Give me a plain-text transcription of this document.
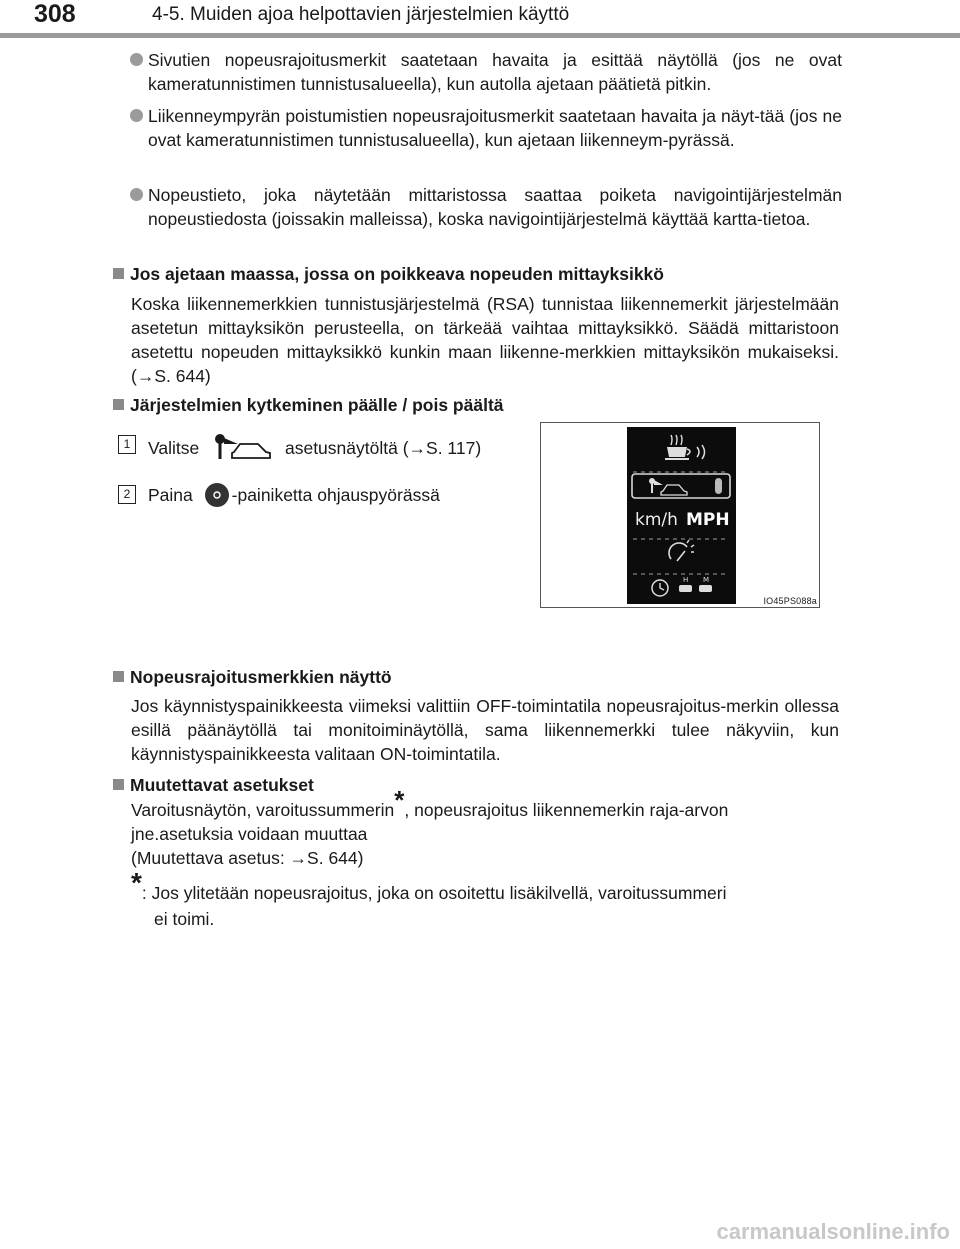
308	4-5. Muiden ajoa helpottavien järjestelmien käyttö
Sivutien nopeusrajoitusmerkit saatetaan havaita ja esittää näytöllä (jos ne ovat kameratunnistimen tunnistusalueella), kun autolla ajetaan päätietä pitkin.
Liikenneympyrän poistumistien nopeusrajoitusmerkit saatetaan havaita ja näyt-tää (jos ne ovat kameratunnistimen tunnistusalueella), kun ajetaan liikenneym-pyrässä.
Nopeustieto, joka näytetään mittaristossa saattaa poiketa navigointijärjestelmän nopeustiedosta (joissakin malleissa), koska navigointijärjestelmä käyttää kartta-tietoa.
Jos ajetaan maassa, jossa on poikkeava nopeuden mittayksikkö
Koska liikennemerkkien tunnistusjärjestelmä (RSA) tunnistaa liikennemerkit järjestelmään asetetun mittayksikön perusteella, on tärkeää vaihtaa mittayksikkö. Säädä mittaristoon asetettu nopeuden mittayksikkö kunkin maan liikenne-merkkien mittayksikön mukaiseksi. (→S. 644)
Järjestelmien kytkeminen päälle / pois päältä
1	Valitse	asetusnäytöltä (→S. 117)
2	Paina -painiketta ohjauspyörässä
km/h MPH
H M
IO45PS088a
Nopeusrajoitusmerkkien näyttö
Jos käynnistyspainikkeesta viimeksi valittiin OFF-toimintatila nopeusrajoitus-merkin ollessa esillä päänäytöllä tai monitoiminäytöllä, sama liikennemerkki tulee näkyviin, kun käynnistyspainikkeesta valitaan ON-toimintatila.
Muutettavat asetukset
Varoitusnäytön, varoitussummerin*, nopeusrajoitus liikennemerkin raja-arvon
jne.asetuksia voidaan muuttaa
(Muutettava asetus: →S. 644)
*: Jos ylitetään nopeusrajoitus, joka on osoitettu lisäkilvellä, varoitussummeri
ei toimi.
carmanualsonline.info
